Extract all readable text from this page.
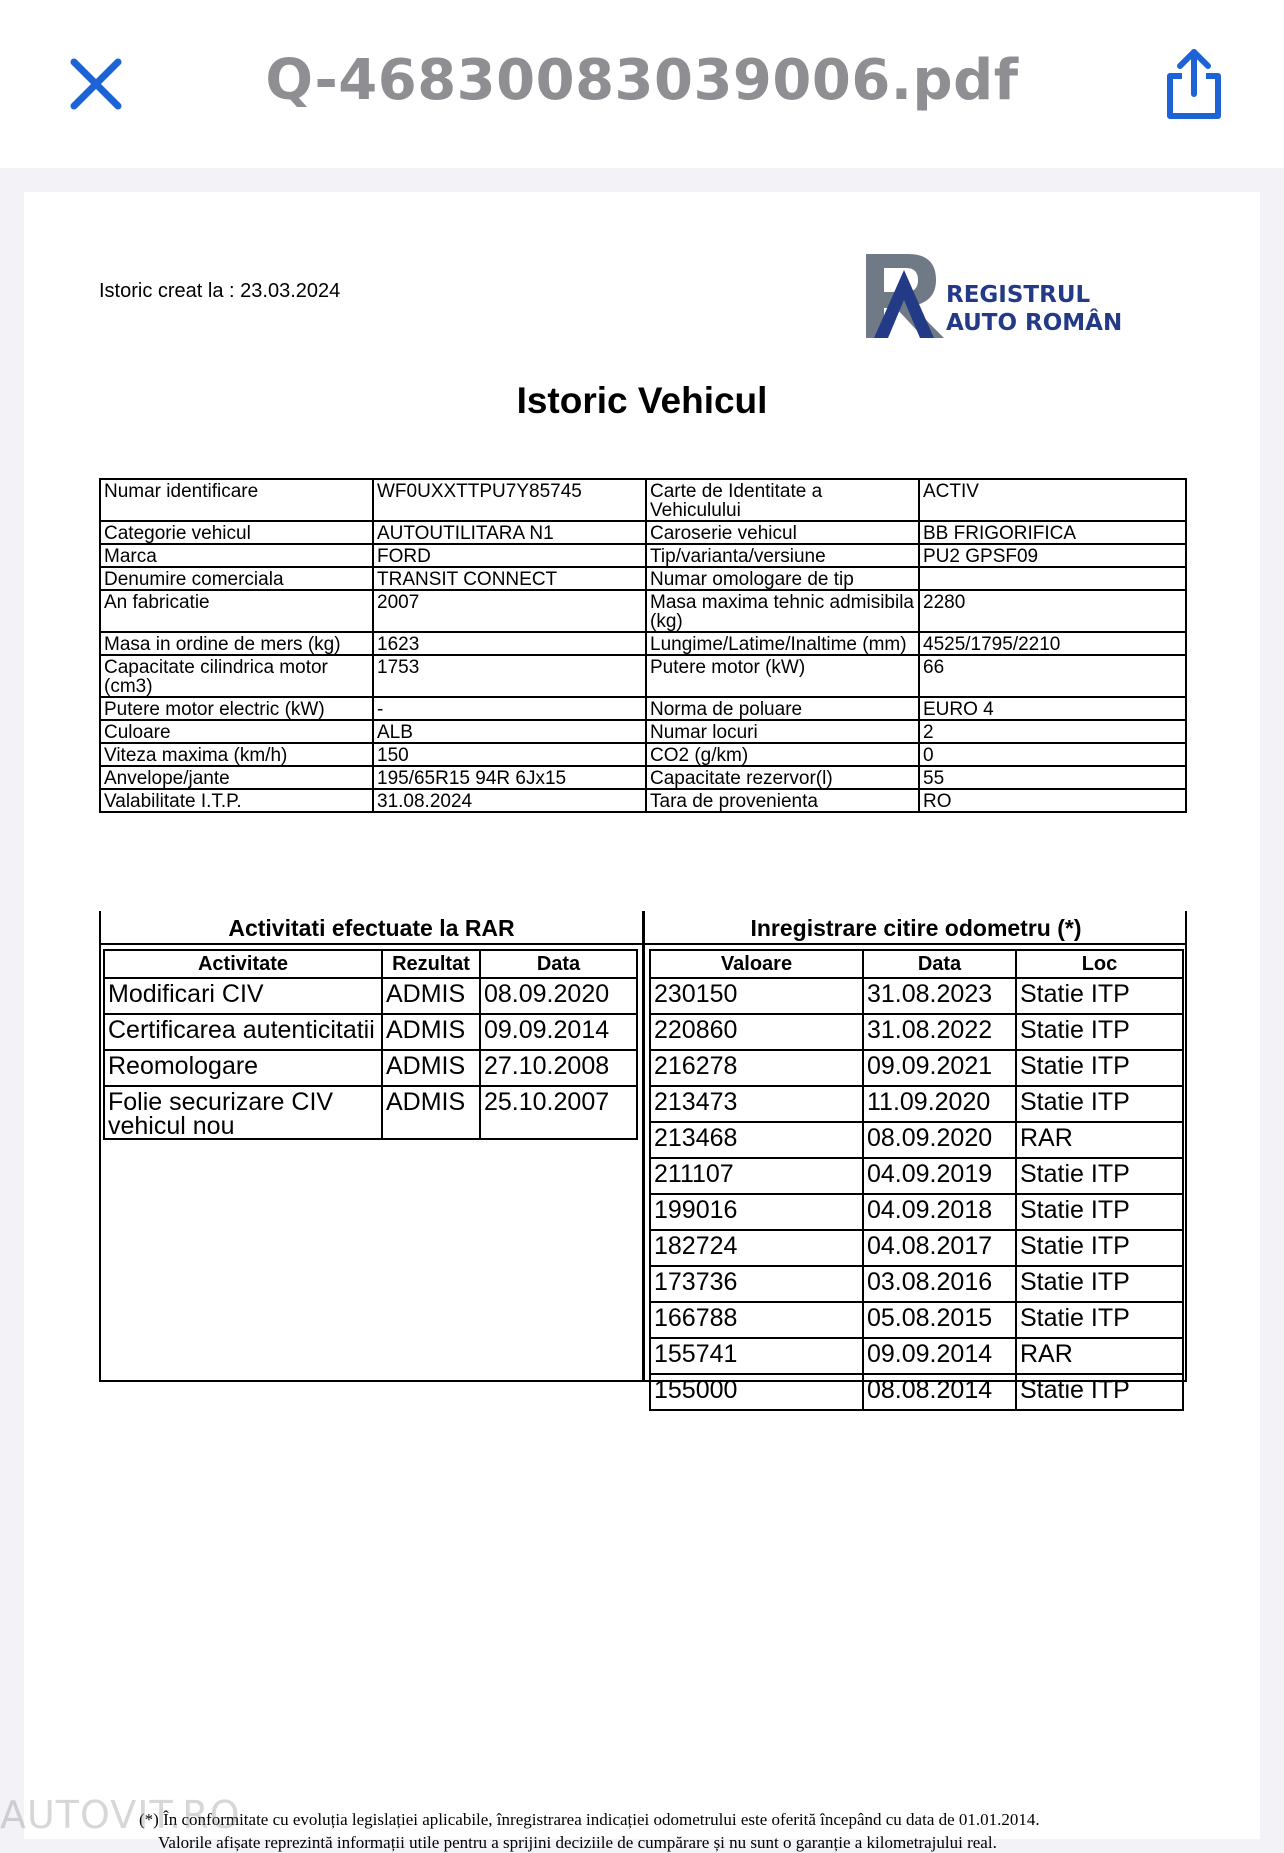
Q-46830083039006.pdf
Istoric creat la : 23.03.2024	REGISTRUL
AUTO ROMÂN
Istoric Vehicul
Numar identificare	WF0UXXTTPU7Y85745	Carte de Identitate a Vehiculului	ACTIV
Categorie vehicul	AUTOUTILITARA N1	Caroserie vehicul	BB FRIGORIFICA
Marca	FORD	Tip/varianta/versiune	PU2 GPSF09
Denumire comerciala	TRANSIT CONNECT	Numar omologare de tip	
An fabricatie	2007	Masa maxima tehnic admisibila (kg)	2280
Masa in ordine de mers (kg)	1623	Lungime/Latime/Inaltime (mm)	4525/1795/2210
Capacitate cilindrica motor (cm3)	1753	Putere motor (kW)	66
Putere motor electric (kW)	-	Norma de poluare	EURO 4
Culoare	ALB	Numar locuri	2
Viteza maxima (km/h)	150	CO2 (g/km)	0
Anvelope/jante	195/65R15 94R 6Jx15	Capacitate rezervor(l)	55
Valabilitate I.T.P.	31.08.2024	Tara de provenienta	RO
Activitati efectuate la RAR	Inregistrare citire odometru (*)
Activitate	Rezultat	Data
Modificari CIV	ADMIS	08.09.2020
Certificarea autenticitatii	ADMIS	09.09.2014
Reomologare	ADMIS	27.10.2008
Folie securizare CIV vehicul nou	ADMIS	25.10.2007
Valoare	Data	Loc
230150	31.08.2023	Statie ITP
220860	31.08.2022	Statie ITP
216278	09.09.2021	Statie ITP
213473	11.09.2020	Statie ITP
213468	08.09.2020	RAR
211107	04.09.2019	Statie ITP
199016	04.09.2018	Statie ITP
182724	04.08.2017	Statie ITP
173736	03.08.2016	Statie ITP
166788	05.08.2015	Statie ITP
155741	09.09.2014	RAR
155000	08.08.2014	Statie ITP
(*) În conformitate cu evoluția legislației aplicabile, înregistrarea indicației odometrului este oferită începând cu data de 01.01.2014.
Valorile afișate reprezintă informații utile pentru a sprijini deciziile de cumpărare și nu sunt o garanție a kilometrajului real.
AUTOVIT.RO
